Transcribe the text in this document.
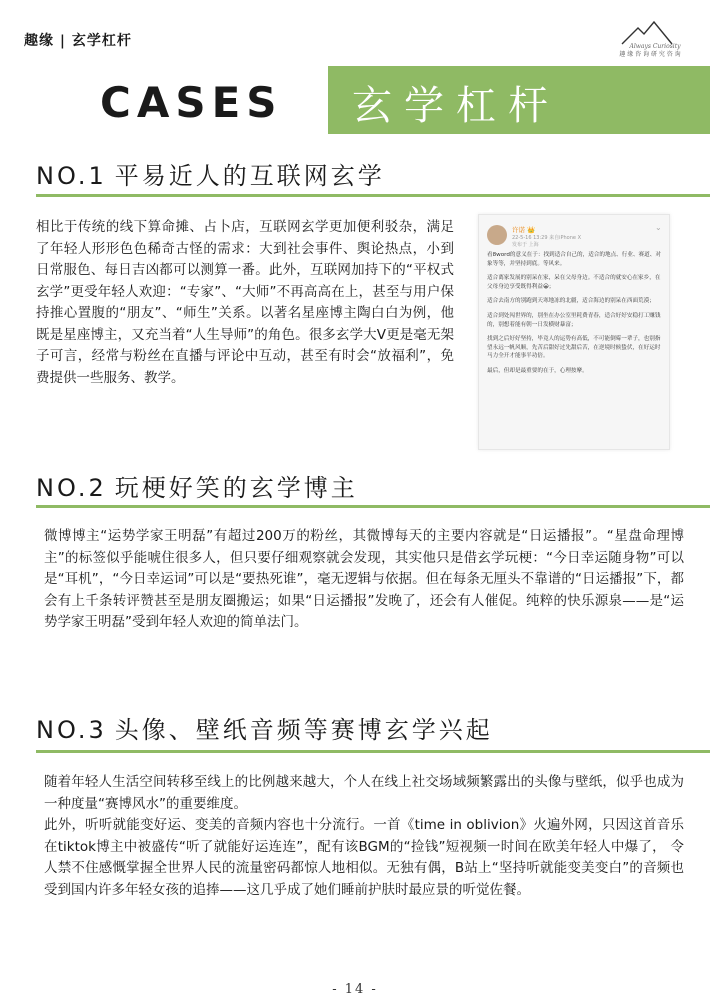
趣缘 | 玄学杠杆	Always Curiosity
趣 缘 咨 询 研 究 咨 询
CASES 玄学杠杆
NO.1 平易近人的互联网玄学
相比于传统的线下算命摊、占卜店，互联网玄学更加便利驳杂，满足了年轻人形形色色稀奇古怪的需求：大到社会事件、舆论热点，小到日常服色、每日吉凶都可以测算一番。此外，互联网加持下的“平权式玄学”更受年轻人欢迎：“专家”、“大师”不再高高在上，甚至与用户保持推心置腹的“朋友”、“师生”关系。以著名星座博主陶白白为例，他既是星座博主，又充当着“人生导师”的角色。很多玄学大V更是毫无架子可言，经常与粉丝在直播与评论中互动，甚至有时会“放福利”，免费提供一些服务、教学。
许诺 👑
22-5-16 13:29 来自iPhone X
发布于 上海
⌄

看8word的意义在于：找到适合自己的，适合的地点、行业、赛道、对象等等，并坚持到底。等风来。

适合离家发展的别呆在家，呆在父母身边。不适合的就安心在家乡，在父母身边享受既得利益😀；

适合去南方的别跑到天寒地冻的北疆，适合海边的别呆在西面荒漠；

适合到处闯世界的，别坐在办公室里耗费青春，适合好好安稳打工赚钱的，别想着能有朝一日发横财暴富；

找到之后好好坚持，毕竟人的运势有高低，不可能倒霉一辈子，也别指望永远一帆风顺，先苦后甜好过先甜后苦，在逆境时候蛰伏，在好运时马力全开才能事半功倍。

最后，但却是最重要的在于，心理按摩。

NO.2 玩梗好笑的玄学博主
微博博主“运势学家王明磊”有超过200万的粉丝，其微博每天的主要内容就是“日运播报”。“星盘命理博主”的标签似乎能唬住很多人，但只要仔细观察就会发现，其实他只是借玄学玩梗：“今日幸运随身物”可以是“耳机”，“今日幸运词”可以是“要热死谁”，毫无逻辑与依据。但在每条无厘头不靠谱的“日运播报”下，都会有上千条转评赞甚至是朋友圈搬运；如果“日运播报”发晚了，还会有人催促。纯粹的快乐源泉——是“运势学家王明磊”受到年轻人欢迎的简单法门。
NO.3 头像、壁纸音频等赛博玄学兴起
随着年轻人生活空间转移至线上的比例越来越大，个人在线上社交场域频繁露出的头像与壁纸，似乎也成为一种度量“赛博风水”的重要维度。
此外，听听就能变好运、变美的音频内容也十分流行。一首《time in oblivion》火遍外网，只因这首音乐在tiktok博主中被盛传“听了就能好运连连”，配有该BGM的“捡钱”短视频一时间在欧美年轻人中爆了， 令人禁不住感慨掌握全世界人民的流量密码都惊人地相似。无独有偶，B站上“坚持听就能变美变白”的音频也受到国内许多年轻女孩的追捧——这几乎成了她们睡前护肤时最应景的听觉佐餐。
- 14 -
